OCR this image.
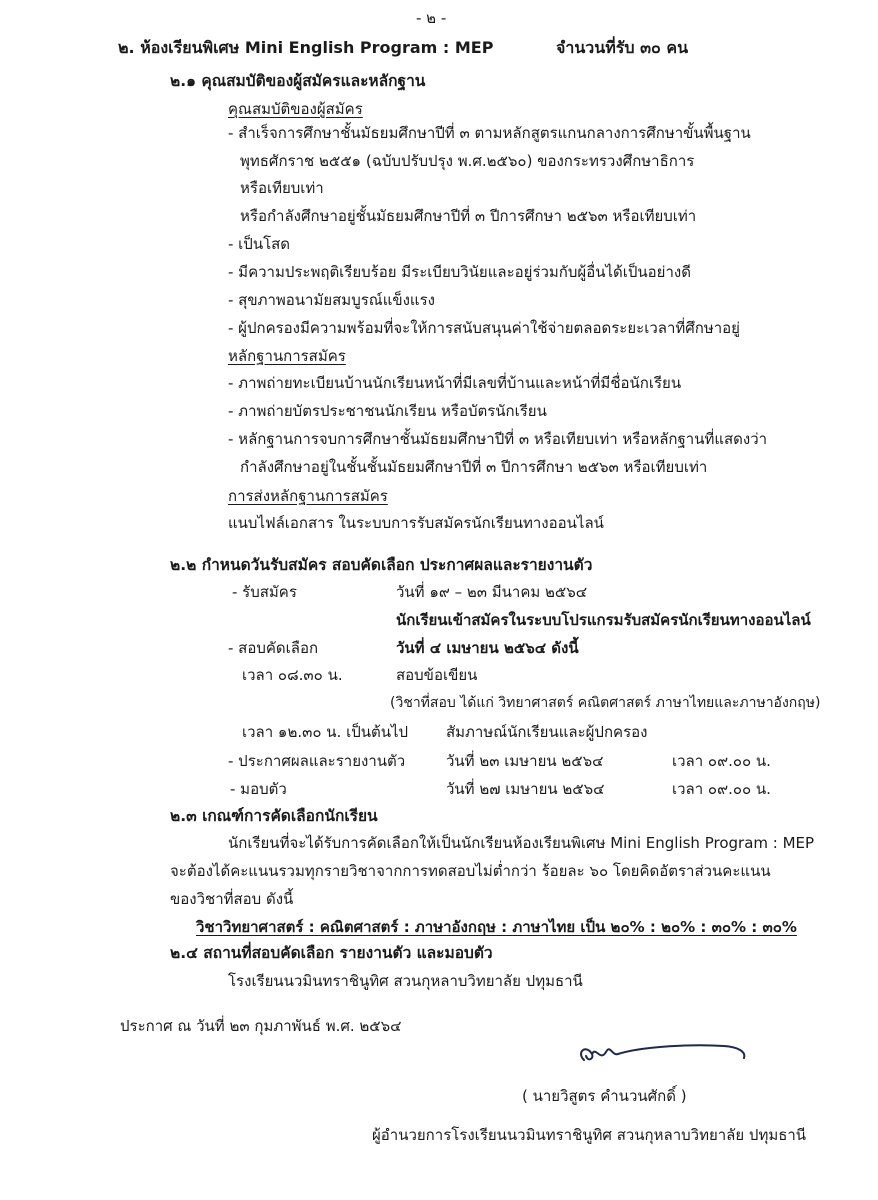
- ๒ -
๒. ห้องเรียนพิเศษ Mini English Program : MEP	จำนวนที่รับ ๓๐ คน
๒.๑ คุณสมบัติของผู้สมัครและหลักฐาน
คุณสมบัติของผู้สมัคร
- สำเร็จการศึกษาชั้นมัธยมศึกษาปีที่ ๓ ตามหลักสูตรแกนกลางการศึกษาขั้นพื้นฐาน
พุทธศักราช ๒๕๕๑ (ฉบับปรับปรุง พ.ศ.๒๕๖๐) ของกระทรวงศึกษาธิการ
หรือเทียบเท่า
หรือกำลังศึกษาอยู่ชั้นมัธยมศึกษาปีที่ ๓ ปีการศึกษา ๒๕๖๓ หรือเทียบเท่า
- เป็นโสด
- มีความประพฤติเรียบร้อย มีระเบียบวินัยและอยู่ร่วมกับผู้อื่นได้เป็นอย่างดี
- สุขภาพอนามัยสมบูรณ์แข็งแรง
- ผู้ปกครองมีความพร้อมที่จะให้การสนับสนุนค่าใช้จ่ายตลอดระยะเวลาที่ศึกษาอยู่
หลักฐานการสมัคร
- ภาพถ่ายทะเบียนบ้านนักเรียนหน้าที่มีเลขที่บ้านและหน้าที่มีชื่อนักเรียน
- ภาพถ่ายบัตรประชาชนนักเรียน หรือบัตรนักเรียน
- หลักฐานการจบการศึกษาชั้นมัธยมศึกษาปีที่ ๓ หรือเทียบเท่า หรือหลักฐานที่แสดงว่า
กำลังศึกษาอยู่ในชั้นชั้นมัธยมศึกษาปีที่ ๓ ปีการศึกษา ๒๕๖๓ หรือเทียบเท่า
การส่งหลักฐานการสมัคร
แนบไฟล์เอกสาร ในระบบการรับสมัครนักเรียนทางออนไลน์
๒.๒ กำหนดวันรับสมัคร สอบคัดเลือก ประกาศผลและรายงานตัว
- รับสมัคร	วันที่ ๑๙ – ๒๓ มีนาคม ๒๕๖๔
นักเรียนเข้าสมัครในระบบโปรแกรมรับสมัครนักเรียนทางออนไลน์
- สอบคัดเลือก	วันที่ ๔ เมษายน ๒๕๖๔ ดังนี้
เวลา ๐๘.๓๐ น.	สอบข้อเขียน
(วิชาที่สอบ ได้แก่ วิทยาศาสตร์ คณิตศาสตร์ ภาษาไทยและภาษาอังกฤษ)
เวลา ๑๒.๓๐ น. เป็นต้นไป	สัมภาษณ์นักเรียนและผู้ปกครอง
- ประกาศผลและรายงานตัว	วันที่ ๒๓ เมษายน ๒๕๖๔	เวลา ๐๙.๐๐ น.
- มอบตัว	วันที่ ๒๗ เมษายน ๒๕๖๔	เวลา ๐๙.๐๐ น.
๒.๓ เกณฑ์การคัดเลือกนักเรียน
นักเรียนที่จะได้รับการคัดเลือกให้เป็นนักเรียนห้องเรียนพิเศษ Mini English Program : MEP
จะต้องได้คะแนนรวมทุกรายวิชาจากการทดสอบไม่ต่ำกว่า ร้อยละ ๖๐ โดยคิดอัตราส่วนคะแนน
ของวิชาที่สอบ ดังนี้
วิชาวิทยาศาสตร์ : คณิตศาสตร์ : ภาษาอังกฤษ : ภาษาไทย เป็น ๒๐% : ๒๐% : ๓๐% : ๓๐%
๒.๔ สถานที่สอบคัดเลือก รายงานตัว และมอบตัว
โรงเรียนนวมินทราชินูทิศ สวนกุหลาบวิทยาลัย ปทุมธานี
ประกาศ ณ วันที่ ๒๓ กุมภาพันธ์ พ.ศ. ๒๕๖๔
( นายวิสูตร คำนวนศักดิ์ )
ผู้อำนวยการโรงเรียนนวมินทราชินูทิศ สวนกุหลาบวิทยาลัย ปทุมธานี
